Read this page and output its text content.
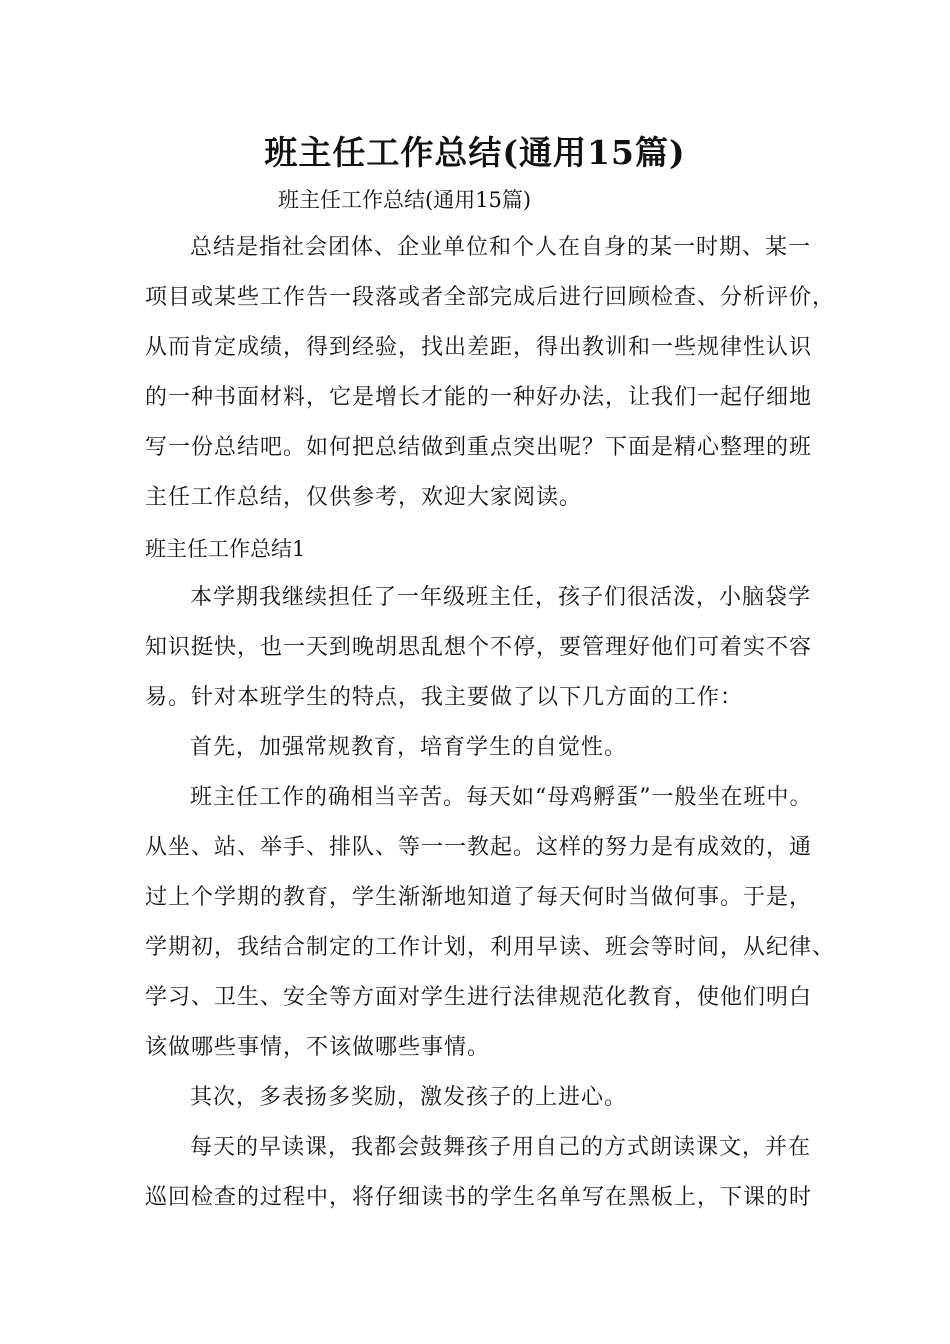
班主任工作总结(通用15篇)
班主任工作总结(通用15篇)
总结是指社会团体、企业单位和个人在自身的某一时期、某一
项目或某些工作告一段落或者全部完成后进行回顾检查、分析评价，
从而肯定成绩，得到经验，找出差距，得出教训和一些规律性认识
的一种书面材料，它是增长才能的一种好办法，让我们一起仔细地
写一份总结吧。如何把总结做到重点突出呢？下面是精心整理的班
主任工作总结，仅供参考，欢迎大家阅读。
班主任工作总结1
本学期我继续担任了一年级班主任，孩子们很活泼，小脑袋学
知识挺快，也一天到晚胡思乱想个不停，要管理好他们可着实不容
易。针对本班学生的特点，我主要做了以下几方面的工作：
首先，加强常规教育，培育学生的自觉性。
班主任工作的确相当辛苦。每天如“母鸡孵蛋”一般坐在班中。
从坐、站、举手、排队、等一一教起。这样的努力是有成效的，通
过上个学期的教育，学生渐渐地知道了每天何时当做何事。于是，
学期初，我结合制定的工作计划，利用早读、班会等时间，从纪律、
学习、卫生、安全等方面对学生进行法律规范化教育，使他们明白
该做哪些事情，不该做哪些事情。
其次，多表扬多奖励，激发孩子的上进心。
每天的早读课，我都会鼓舞孩子用自己的方式朗读课文，并在
巡回检查的过程中，将仔细读书的学生名单写在黑板上，下课的时
